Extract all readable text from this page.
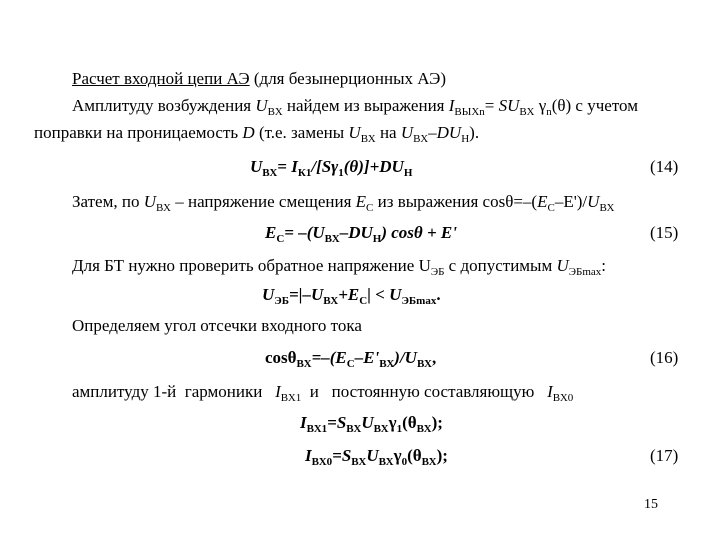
Расчет входной цепи АЭ (для безынерционных АЭ)
Амплитуду возбуждения $U_{ВХ}$ найдем из выражения $I_{ВЫХn}= SU_{ВХ}$ $\gamma_n(\theta)$ с учетом
поправки на проницаемость D (т.е. замены $U_{ВХ}$ на $U_{ВХ}-DU_Н$).
$U_{ВХ}= I_{К1}/[S\gamma_1(\theta)]+DU_Н$	(14)
Затем, по $U_{ВХ}$ – напряжение смещения $E_С$ из выражения $\cos\theta=-(E_С-E')/U_{ВХ}$
$E_С= -(U_{ВХ}-DU_Н) \cos\theta + E'$	(15)
Для БТ нужно проверить обратное напряжение $U_{ЭБ}$ с допустимым $U_{ЭБmax}$:
$U_{ЭБ}=|-U_{ВХ}+E_С| < U_{ЭБmax}$.
Определяем угол отсечки входного тока
$\cos\theta_{ВХ}=-(E_С-E'_{ВХ})/U_{ВХ}$,	(16)
амплитуду 1-й  гармоники   $I_{ВХ1}$  и   постоянную составляющую   $I_{ВХ0}$
$I_{ВХ1}=S_{ВХ}U_{ВХ}\gamma_1(\theta_{ВХ})$;
$I_{ВХ0}=S_{ВХ}U_{ВХ}\gamma_0(\theta_{ВХ})$;	(17)
15
